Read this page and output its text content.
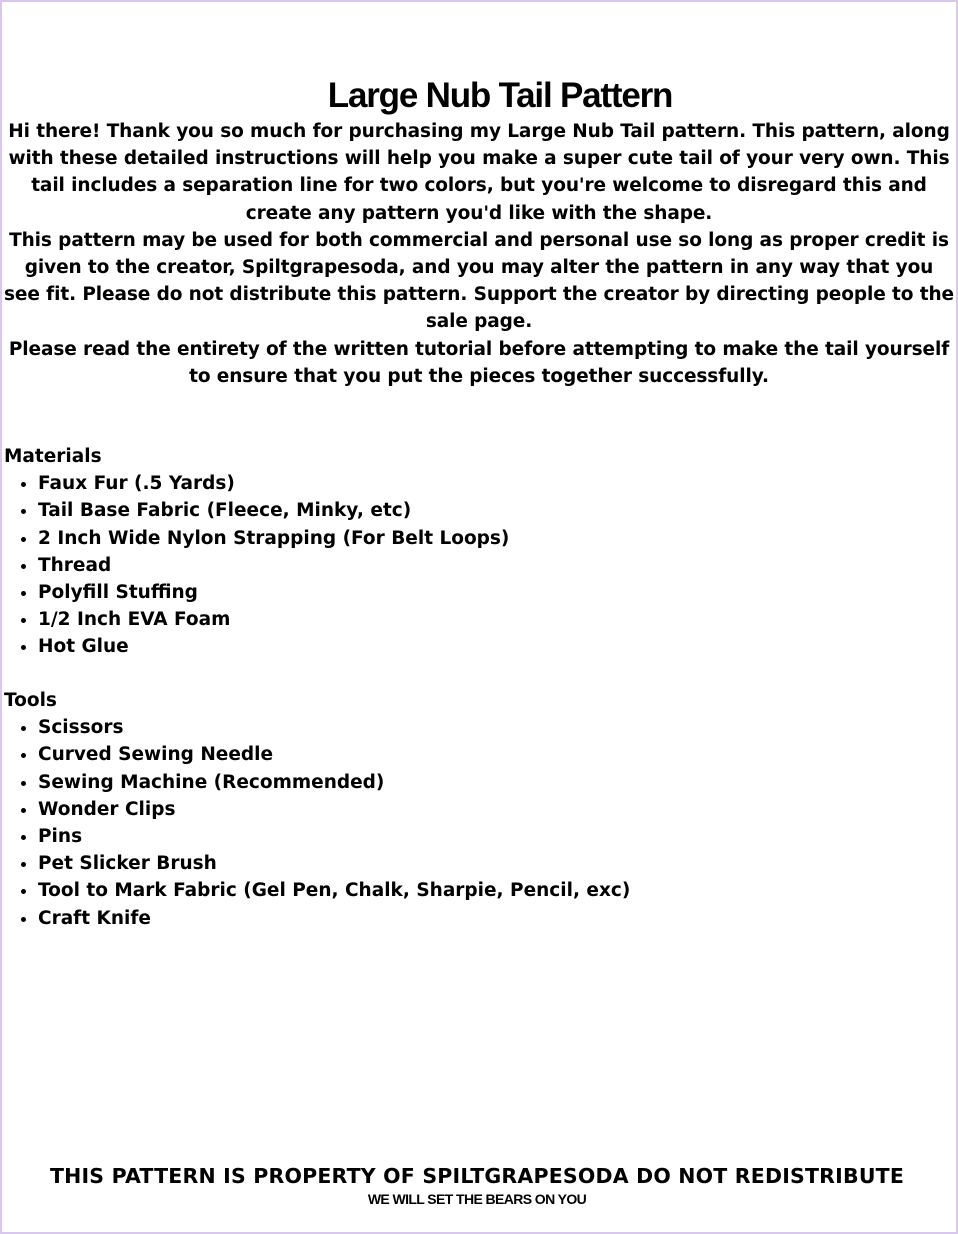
Large Nub Tail Pattern

Hi there! Thank you so much for purchasing my Large Nub Tail pattern. This pattern, along with these detailed instructions will help you make a super cute tail of your very own. This tail includes a separation line for two colors, but you're welcome to disregard this and create any pattern you'd like with the shape.

This pattern may be used for both commercial and personal use so long as proper credit is given to the creator, Spiltgrapesoda, and you may alter the pattern in any way that you see fit. Please do not distribute this pattern. Support the creator by directing people to the sale page.

Please read the entirety of the written tutorial before attempting to make the tail yourself to ensure that you put the pieces together successfully.

Materials
• Faux Fur (.5 Yards)
• Tail Base Fabric (Fleece, Minky, etc)
• 2 Inch Wide Nylon Strapping (For Belt Loops)
• Thread
• Polyfill Stuffing
• 1/2 Inch EVA Foam
• Hot Glue
Tools
• Scissors
• Curved Sewing Needle
• Sewing Machine (Recommended)
• Wonder Clips
• Pins
• Pet Slicker Brush
• Tool to Mark Fabric (Gel Pen, Chalk, Sharpie, Pencil, exc)
• Craft Knife
THIS PATTERN IS PROPERTY OF SPILTGRAPESODA DO NOT REDISTRIBUTE
WE WILL SET THE BEARS ON YOU
